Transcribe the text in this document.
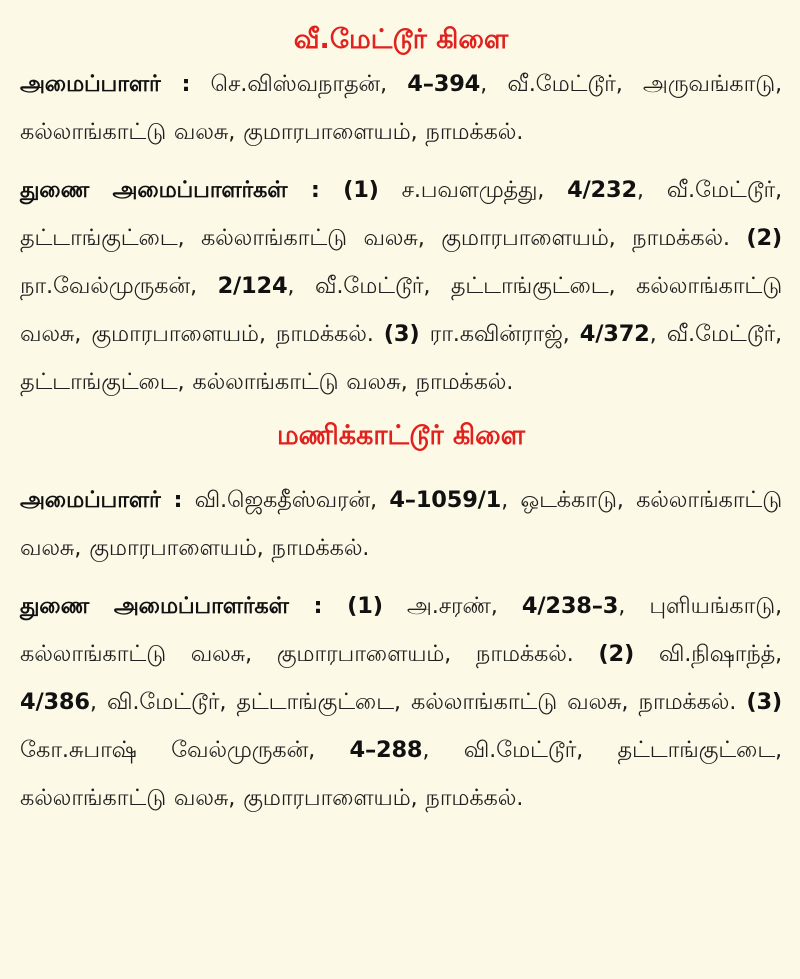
வீ.மேட்டூர் கிளை

அமைப்பாளர் : செ.விஸ்வநாதன், 4–394, வீ.மேட்டூர், அருவங்காடு, கல்லாங்காட்டு வலசு, குமாரபாளையம், நாமக்கல்.

துணை அமைப்பாளர்கள் : (1) ச.பவளமுத்து, 4/232, வீ.மேட்டூர், தட்டாங்குட்டை, கல்லாங்காட்டு வலசு, குமாரபாளையம், நாமக்கல். (2) நா.வேல்முருகன், 2/124, வீ.மேட்டூர், தட்டாங்குட்டை, கல்லாங்காட்டு வலசு, குமாரபாளையம், நாமக்கல். (3) ரா.கவின்ராஜ், 4/372, வீ.மேட்டூர், தட்டாங்குட்டை, கல்லாங்காட்டு வலசு, நாமக்கல்.

மணிக்காட்டூர் கிளை

அமைப்பாளர் : வி.ஜெகதீஸ்வரன், 4–1059/1, ஒடக்காடு, கல்லாங்காட்டு வலசு, குமாரபாளையம், நாமக்கல்.

துணை அமைப்பாளர்கள் : (1) அ.சரண், 4/238–3, புளியங்காடு, கல்லாங்காட்டு வலசு, குமாரபாளையம், நாமக்கல். (2) வி.நிஷாந்த், 4/386, வி.மேட்டூர், தட்டாங்குட்டை, கல்லாங்காட்டு வலசு, நாமக்கல். (3) கோ.சுபாஷ் வேல்முருகன், 4–288, வி.மேட்டூர், தட்டாங்குட்டை, கல்லாங்காட்டு வலசு, குமாரபாளையம், நாமக்கல்.
